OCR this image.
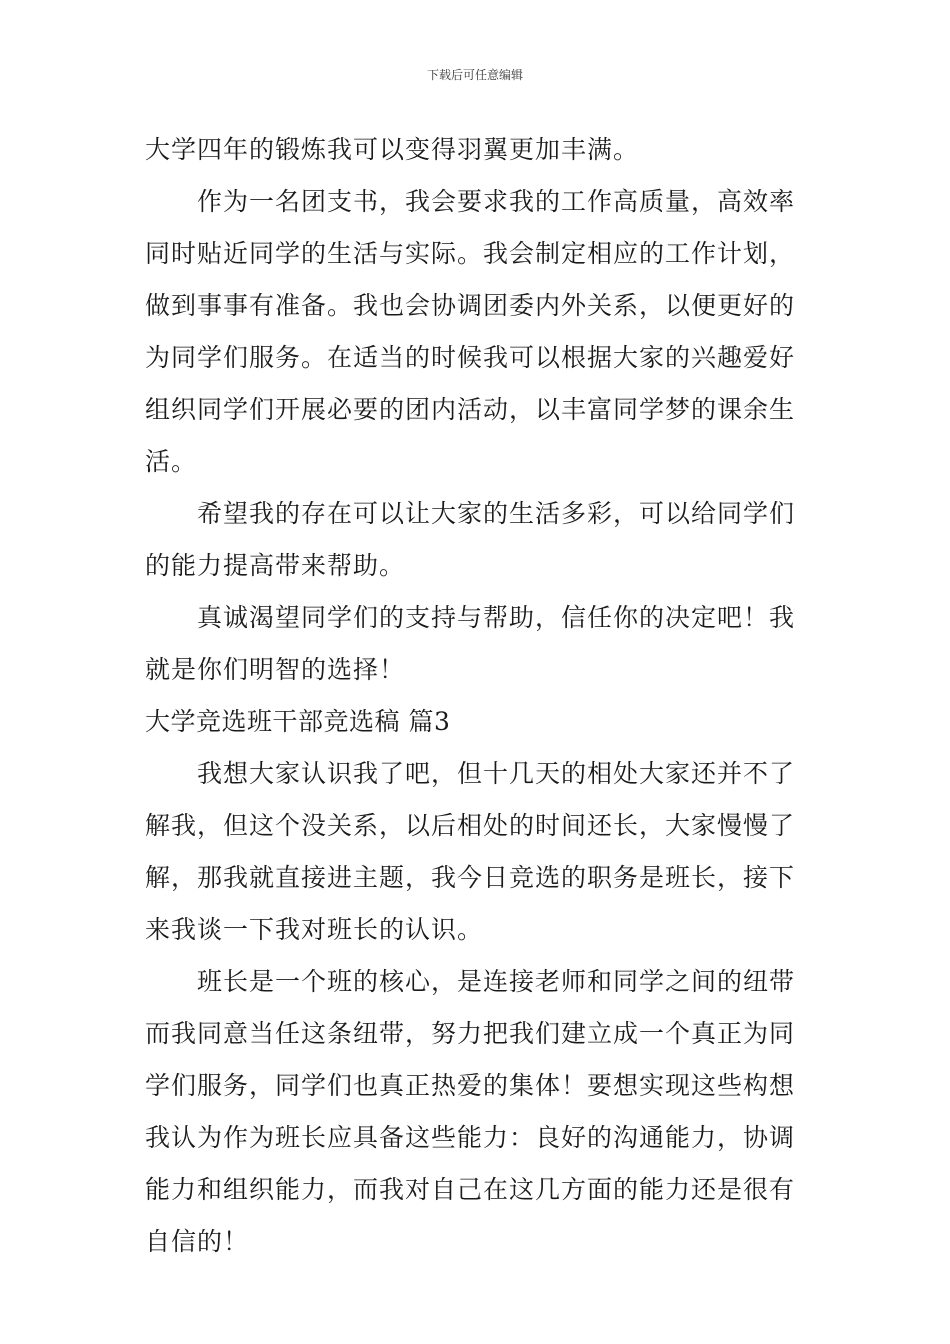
下载后可任意编辑
大学四年的锻炼我可以变得羽翼更加丰满。
作为一名团支书，我会要求我的工作高质量，高效率
同时贴近同学的生活与实际。我会制定相应的工作计划，
做到事事有准备。我也会协调团委内外关系，以便更好的
为同学们服务。在适当的时候我可以根据大家的兴趣爱好
组织同学们开展必要的团内活动，以丰富同学梦的课余生
活。
希望我的存在可以让大家的生活多彩，可以给同学们
的能力提高带来帮助。
真诚渴望同学们的支持与帮助，信任你的决定吧！我
就是你们明智的选择！
大学竞选班干部竞选稿 篇3
我想大家认识我了吧，但十几天的相处大家还并不了
解我，但这个没关系，以后相处的时间还长，大家慢慢了
解，那我就直接进主题，我今日竞选的职务是班长，接下
来我谈一下我对班长的认识。
班长是一个班的核心，是连接老师和同学之间的纽带
而我同意当任这条纽带，努力把我们建立成一个真正为同
学们服务，同学们也真正热爱的集体！要想实现这些构想
我认为作为班长应具备这些能力：良好的沟通能力，协调
能力和组织能力，而我对自己在这几方面的能力还是很有
自信的！
